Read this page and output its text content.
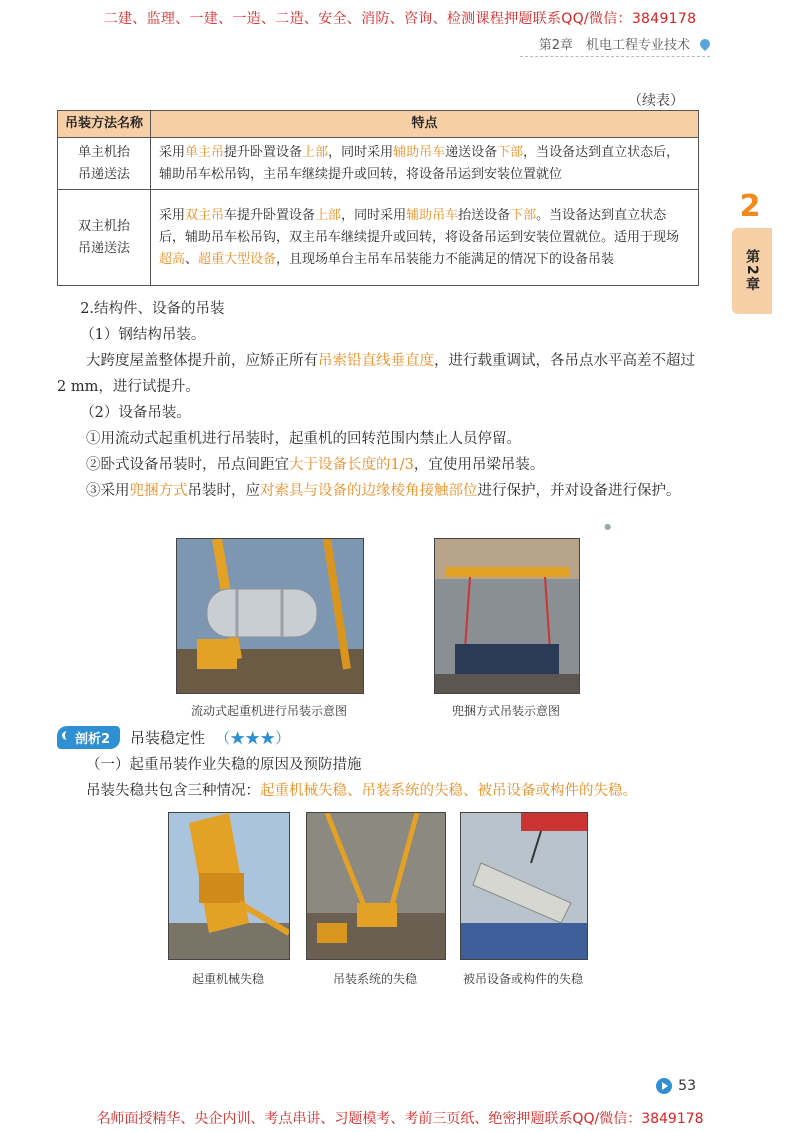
二建、监理、一建、一造、二造、安全、消防、咨询、检测课程押题联系QQ/微信：3849178
第2章　机电工程专业技术
（续表）
吊装方法名称	特点

单主机抬
吊递送法	采用单主吊提升卧置设备上部，同时采用辅助吊车递送设备下部，当设备达到直立状态后，辅助吊车松吊钩，主吊车继续提升或回转，将设备吊运到安装位置就位

双主机抬
吊递送法	采用双主吊车提升卧置设备上部，同时采用辅助吊车抬送设备下部。当设备达到直立状态后，辅助吊车松吊钩，双主吊车继续提升或回转，将设备吊运到安装位置就位。适用于现场超高、超重大型设备，且现场单台主吊车吊装能力不能满足的情况下的设备吊装
2
第2章

2.结构件、设备的吊装

（1）钢结构吊装。

大跨度屋盖整体提升前，应矫正所有吊索铅直线垂直度，进行载重调试，各吊点水平高差不超过2 mm，进行试提升。

（2）设备吊装。

①用流动式起重机进行吊装时，起重机的回转范围内禁止人员停留。

②卧式设备吊装时，吊点间距宜大于设备长度的1/3，宜使用吊梁吊装。

③采用兜捆方式吊装时，应对索具与设备的边缘棱角接触部位进行保护，并对设备进行保护。

流动式起重机进行吊装示意图	兜捆方式吊装示意图
●
剖析2	吊装稳定性 （★★★）

（一）起重吊装作业失稳的原因及预防措施

吊装失稳共包含三种情况：起重机械失稳、吊装系统的失稳、被吊设备或构件的失稳。

起重机械失稳	吊装系统的失稳	被吊设备或构件的失稳
53
名师面授精华、央企内训、考点串讲、习题模考、考前三页纸、绝密押题联系QQ/微信：3849178
